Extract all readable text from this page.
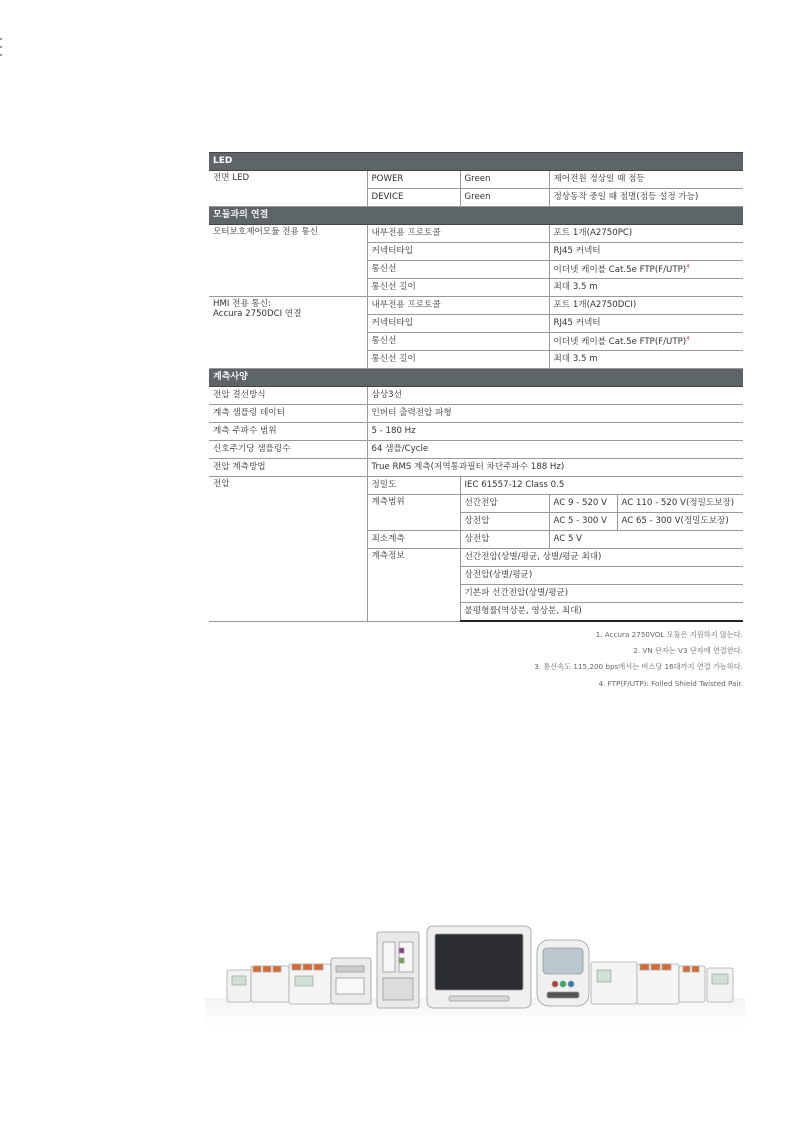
LED				
전면 LED	POWER	Green	제어전원 정상일 때 점등	
	DEVICE	Green	정상동작 중일 때 점멸(점등 설정 가능)	
모듈과의 연결				
모터보호제어모듈 전용 통신	내부전용 프로토콜		포트 1개(A2750PC)	
	커넥터타입		RJ45 커넥터	
	통신선		이더넷 케이블 Cat.5e $FTP(F/UTP)^4$
	통신선 길이		최대 3.5 m	

HMI 전용 통신:
Accura 2750DCI 연결	내부전용 프로토콜		포트 1개(A2750DCI)	
	커넥터타입		RJ45 커넥터	
	통신선		이더넷 케이블 Cat.5e $FTP(F/UTP)^4$
	통신선 길이		최대 3.5 m	
계측사양				
전압 결선방식	삼상3선			
계측 샘플링 데이터	인버터 출력전압 파형			
계측 주파수 범위	5 - 180 Hz			
신호주기당 샘플링수	64 샘플/Cycle			
전압 계측방법	True RMS 계측(저역통과필터 차단주파수 188 Hz)			
전압	정밀도	IEC 61557-12 Class 0.5		
	계측범위	선간전압	AC 9 - 520 V	AC 110 - 520 V(정밀도보장)
		상전압	AC 5 - 300 V	AC 65 - 300 V(정밀도보장)
	최소계측	상전압	AC 5 V	
	계측정보	선간전압(상별/평균, 상별/평균 최대)		
		상전압(상별/평균)		
		기본파 선간전압(상별/평균)		
		불평형률(역상분, 영상분, 최대)		

1. Accura 2750VOL 모듈은 지원하지 않는다.

2. VN 단자는 V3 단자에 연결한다.

3. 통신속도 115,200 bps에서는 버스당 16대까지 연결 가능하다.

4. FTP(F/UTP): Foiled Shield Twisted Pair.
